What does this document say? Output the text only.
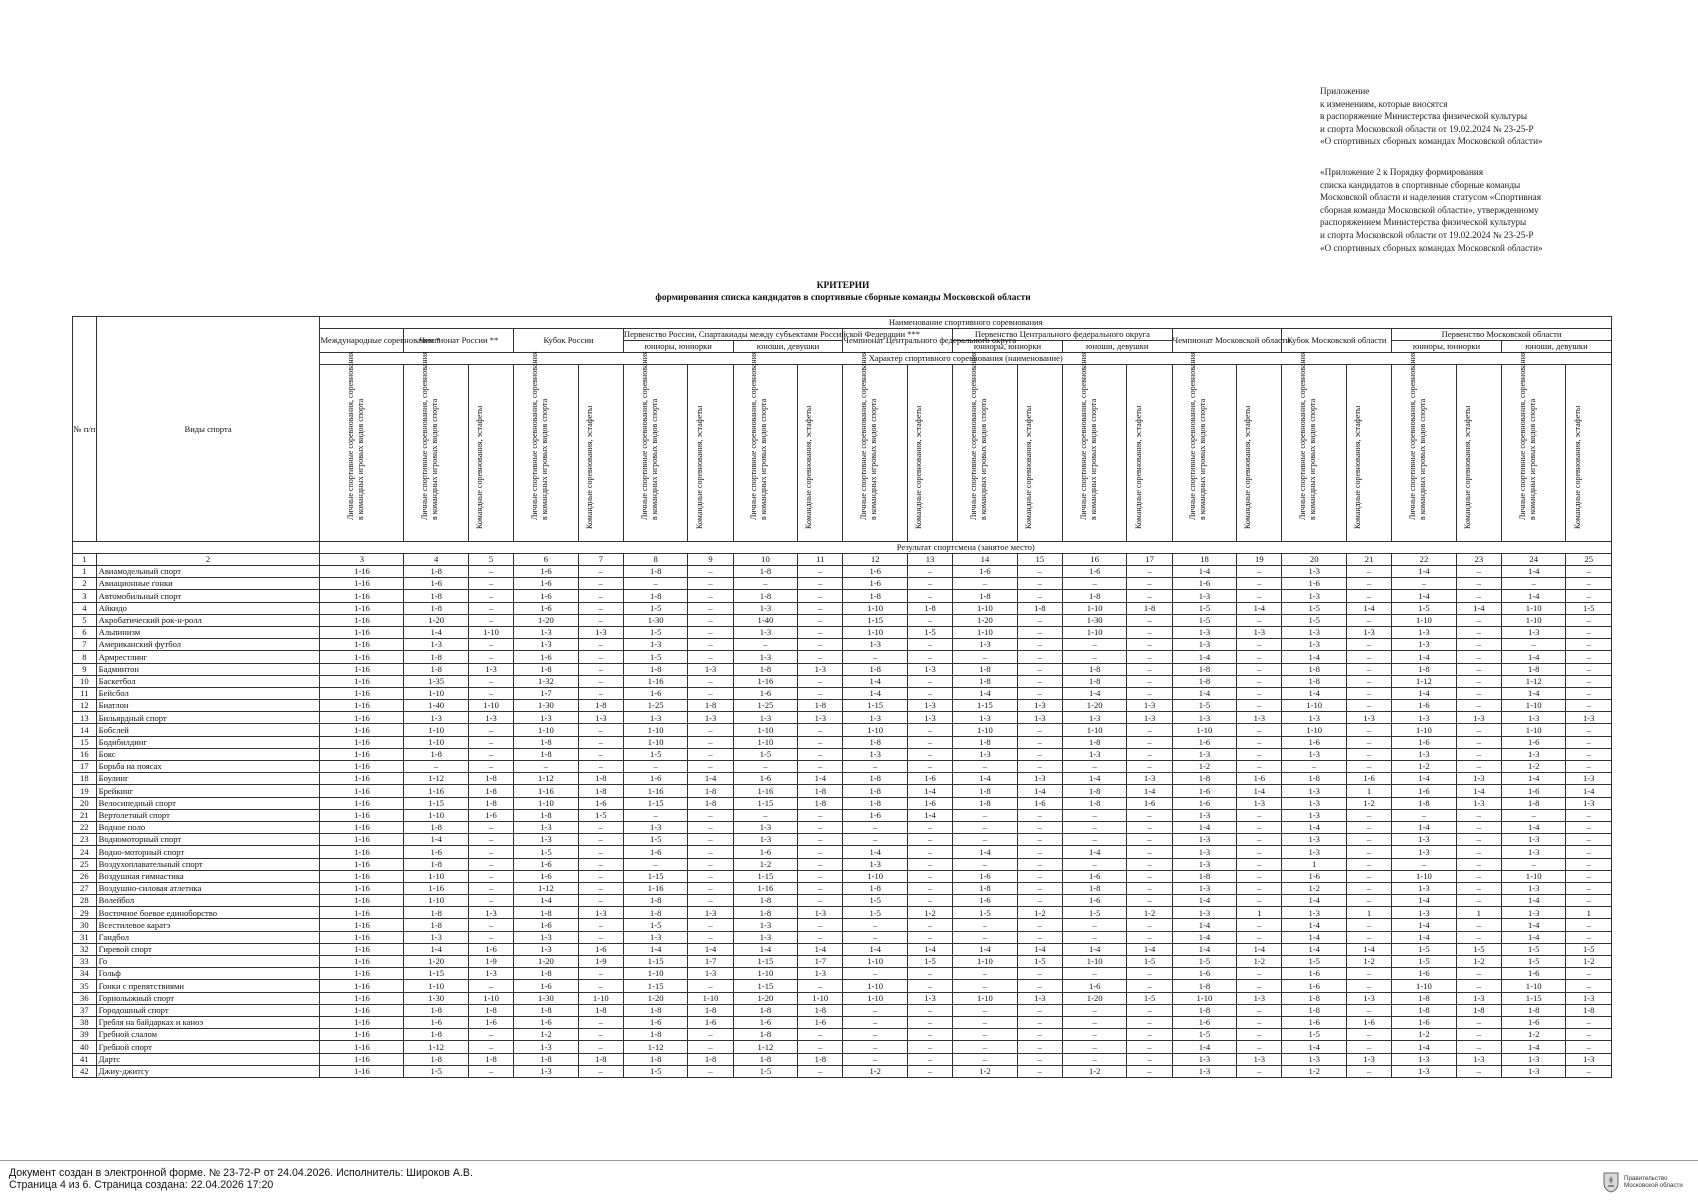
Приложение
к изменениям, которые вносятся
в распоряжение Министерства физической культуры
и спорта Московской области от 19.02.2024 № 23-25-Р
«О спортивных сборных командах Московской области»
«Приложение 2 к Порядку формирования
списка кандидатов в спортивные сборные команды
Московской области и наделения статусом «Спортивная
сборная команда Московской области», утвержденному
распоряжением Министерства физической культуры
и спорта Московской области от 19.02.2024 № 23-25-Р
«О спортивных сборных командах Московской области»
КРИТЕРИИ
формирования списка кандидатов в спортивные сборные команды Московской области
№ п/п	Виды спорта	Наименование спортивного соревнования																						
		Международные соревнования *	Чемпионат России **		Кубок России		Первенство России, Спартакиады между субъектами Российской Федерации ***				Чемпионат Центрального федерального округа		Первенство Центрального федерального округа				Чемпионат Московской области		Кубок Московской области		Первенство Московской области			
							юниоры, юниорки		юноши, девушки				юниоры, юниорки		юноши, девушки						юниоры, юниорки		юноши, девушки	
		Характер спортивного соревнования (наименование)																						

		Личные спортивные соревнования, соревнования в командных игровых видов спорта	Личные спортивные соревнования, соревнования в командных игровых видов спорта	Командные соревнования, эстафеты	Личные спортивные соревнования, соревнования в командных игровых видов спорта	Командные соревнования, эстафеты	Личные спортивные соревнования, соревнования в командных игровых видов спорта	Командные соревнования, эстафеты	Личные спортивные соревнования, соревнования в командных игровых видов спорта	Командные соревнования, эстафеты	Личные спортивные соревнования, соревнования в командных игровых видов спорта	Командные соревнования, эстафеты	Личные спортивные соревнования, соревнования в командных игровых видов спорта	Командные соревнования, эстафеты	Личные спортивные соревнования, соревнования в командных игровых видов спорта	Командные соревнования, эстафеты	Личные спортивные соревнования, соревнования в командных игровых видов спорта	Командные соревнования, эстафеты	Личные спортивные соревнования, соревнования в командных игровых видов спорта	Командные соревнования, эстафеты	Личные спортивные соревнования, соревнования в командных игровых видов спорта	Командные соревнования, эстафеты	Личные спортивные соревнования, соревнования в командных игровых видов спорта	Командные соревнования, эстафеты

		Результат спортсмена (занятое место)																						
1	2	3	4	5	6	7	8	9	10	11	12	13	14	15	16	17	18	19	20	21	22	23	24	25
1	Авиамодельный спорт	1-16	1-8	–	1-6	–	1-8	–	1-8	–	1-6	–	1-6	–	1-6	–	1-4	–	1-3	–	1-4	–	1-4	–
2	Авиационные гонки	1-16	1-6	–	1-6	–	–	–	–	–	1-6	–	–	–	–	–	1-6	–	1-6	–	–	–	–	–
3	Автомобильный спорт	1-16	1-8	–	1-6	–	1-8	–	1-8	–	1-8	–	1-8	–	1-8	–	1-3	–	1-3	–	1-4	–	1-4	–
4	Айкидо	1-16	1-8	–	1-6	–	1-5	–	1-3	–	1-10	1-8	1-10	1-8	1-10	1-8	1-5	1-4	1-5	1-4	1-5	1-4	1-10	1-5
5	Акробатический рок-н-ролл	1-16	1-20	–	1-20	–	1-30	–	1-40	–	1-15	–	1-20	–	1-30	–	1-5	–	1-5	–	1-10	–	1-10	–
6	Альпинизм	1-16	1-4	1-10	1-3	1-3	1-5	–	1-3	–	1-10	1-5	1-10	–	1-10	–	1-3	1-3	1-3	1-3	1-3	–	1-3	–
7	Американский футбол	1-16	1-3	–	1-3	–	1-3	–	–	–	1-3	–	1-3	–	–	–	1-3	–	1-3	–	1-3	–	–	–
8	Армрестлинг	1-16	1-8	–	1-6	–	1-5	–	1-3	–	–	–	–	–	–	–	1-4	–	1-4	–	1-4	–	1-4	–
9	Бадминтон	1-16	1-8	1-3	1-8	–	1-8	1-3	1-8	1-3	1-8	1-3	1-8	–	1-8	–	1-8	–	1-8	–	1-8	–	1-8	–
10	Баскетбол	1-16	1-35	–	1-32	–	1-16	–	1-16	–	1-4	–	1-8	–	1-8	–	1-8	–	1-8	–	1-12	–	1-12	–
11	Бейсбол	1-16	1-10	–	1-7	–	1-6	–	1-6	–	1-4	–	1-4	–	1-4	–	1-4	–	1-4	–	1-4	–	1-4	–
12	Биатлон	1-16	1-40	1-10	1-30	1-8	1-25	1-8	1-25	1-8	1-15	1-3	1-15	1-3	1-20	1-3	1-5	–	1-10	–	1-6	–	1-10	–
13	Бильярдный спорт	1-16	1-3	1-3	1-3	1-3	1-3	1-3	1-3	1-3	1-3	1-3	1-3	1-3	1-3	1-3	1-3	1-3	1-3	1-3	1-3	1-3	1-3	1-3
14	Бобслей	1-16	1-10	–	1-10	–	1-10	–	1-10	–	1-10	–	1-10	–	1-10	–	1-10	–	1-10	–	1-10	–	1-10	–
15	Бодибилдинг	1-16	1-10	–	1-8	–	1-10	–	1-10	–	1-8	–	1-8	–	1-8	–	1-6	–	1-6	–	1-6	–	1-6	–
16	Бокс	1-16	1-8	–	1-8	–	1-5	–	1-5	–	1-3	–	1-3	–	1-3	–	1-3	–	1-3	–	1-3	–	1-3	–
17	Борьба на поясах	1-16	–	–	–	–	–	–	–	–	–	–	–	–	–	–	1-2	–	–	–	1-2	–	1-2	–
18	Боулинг	1-16	1-12	1-8	1-12	1-8	1-6	1-4	1-6	1-4	1-8	1-6	1-4	1-3	1-4	1-3	1-8	1-6	1-8	1-6	1-4	1-3	1-4	1-3
19	Брейкинг	1-16	1-16	1-8	1-16	1-8	1-16	1-8	1-16	1-8	1-8	1-4	1-8	1-4	1-8	1-4	1-6	1-4	1-3	1	1-6	1-4	1-6	1-4
20	Велосипедный спорт	1-16	1-15	1-8	1-10	1-6	1-15	1-8	1-15	1-8	1-8	1-6	1-8	1-6	1-8	1-6	1-6	1-3	1-3	1-2	1-8	1-3	1-8	1-3
21	Вертолетный спорт	1-16	1-10	1-6	1-8	1-5	–	–	–	–	1-6	1-4	–	–	–	–	1-3	–	1-3	–	–	–	–	–
22	Водное поло	1-16	1-8	–	1-3	–	1-3	–	1-3	–	–	–	–	–	–	–	1-4	–	1-4	–	1-4	–	1-4	–
23	Водномоторный спорт	1-16	1-4	–	1-3	–	1-5	–	1-3	–	–	–	–	–	–	–	1-3	–	1-3	–	1-3	–	1-3	–
24	Водно-моторный спорт	1-16	1-6	–	1-5	–	1-6	–	1-6	–	1-4	–	1-4	–	1-4	–	1-3	–	1-3	–	1-3	–	1-3	–
25	Воздухоплавательный спорт	1-16	1-8	–	1-6	–	–	–	1-2	–	1-3	–	–	–	–	–	1-3	–	1	–	–	–	–	–
26	Воздушная гимнастика	1-16	1-10	–	1-6	–	1-15	–	1-15	–	1-10	–	1-6	–	1-6	–	1-8	–	1-6	–	1-10	–	1-10	–
27	Воздушно-силовая атлетика	1-16	1-16	–	1-12	–	1-16	–	1-16	–	1-8	–	1-8	–	1-8	–	1-3	–	1-2	–	1-3	–	1-3	–
28	Волейбол	1-16	1-10	–	1-4	–	1-8	–	1-8	–	1-5	–	1-6	–	1-6	–	1-4	–	1-4	–	1-4	–	1-4	–
29	Восточное боевое единоборство	1-16	1-8	1-3	1-8	1-3	1-8	1-3	1-8	1-3	1-5	1-2	1-5	1-2	1-5	1-2	1-3	1	1-3	1	1-3	1	1-3	1
30	Всестилевое каратэ	1-16	1-8	–	1-6	–	1-5	–	1-3	–	–	–	–	–	–	–	1-4	–	1-4	–	1-4	–	1-4	–
31	Гандбол	1-16	1-3	–	1-3	–	1-3	–	1-3	–	–	–	–	–	–	–	1-4	–	1-4	–	1-4	–	1-4	–
32	Гиревой спорт	1-16	1-4	1-6	1-3	1-6	1-4	1-4	1-4	1-4	1-4	1-4	1-4	1-4	1-4	1-4	1-4	1-4	1-4	1-4	1-5	1-5	1-5	1-5
33	Го	1-16	1-20	1-9	1-20	1-9	1-15	1-7	1-15	1-7	1-10	1-5	1-10	1-5	1-10	1-5	1-5	1-2	1-5	1-2	1-5	1-2	1-5	1-2
34	Гольф	1-16	1-15	1-3	1-8	–	1-10	1-3	1-10	1-3	–	–	–	–	–	–	1-6	–	1-6	–	1-6	–	1-6	–
35	Гонки с препятствиями	1-16	1-10	–	1-6	–	1-15	–	1-15	–	1-10	–	–	–	1-6	–	1-8	–	1-6	–	1-10	–	1-10	–
36	Горнолыжный спорт	1-16	1-30	1-10	1-30	1-10	1-20	1-10	1-20	1-10	1-10	1-3	1-10	1-3	1-20	1-5	1-10	1-3	1-8	1-3	1-8	1-3	1-15	1-3
37	Городошный спорт	1-16	1-8	1-8	1-8	1-8	1-8	1-8	1-8	1-8	–	–	–	–	–	–	1-8	–	1-8	–	1-8	1-8	1-8	1-8
38	Гребля на байдарках и каноэ	1-16	1-6	1-6	1-6	–	1-6	1-6	1-6	1-6	–	–	–	–	–	–	1-6	–	1-6	1-6	1-6	–	1-6	–
39	Гребной слалом	1-16	1-8	–	1-2	–	1-8	–	1-8	–	–	–	–	–	–	–	1-5	–	1-5	–	1-2	–	1-2	–
40	Гребной спорт	1-16	1-12	–	1-3	–	1-12	–	1-12	–	–	–	–	–	–	–	1-4	–	1-4	–	1-4	–	1-4	–
41	Дартс	1-16	1-8	1-8	1-8	1-8	1-8	1-8	1-8	1-8	–	–	–	–	–	–	1-3	1-3	1-3	1-3	1-3	1-3	1-3	1-3
42	Джиу-джитсу	1-16	1-5	–	1-3	–	1-5	–	1-5	–	1-2	–	1-2	–	1-2	–	1-3	–	1-2	–	1-3	–	1-3	–
Документ создан в электронной форме. № 23-72-Р от 24.04.2026. Исполнитель: Широков А.В.
Страница 4 из 6. Страница создана: 22.04.2026 17:20
Правительство
Московской области
